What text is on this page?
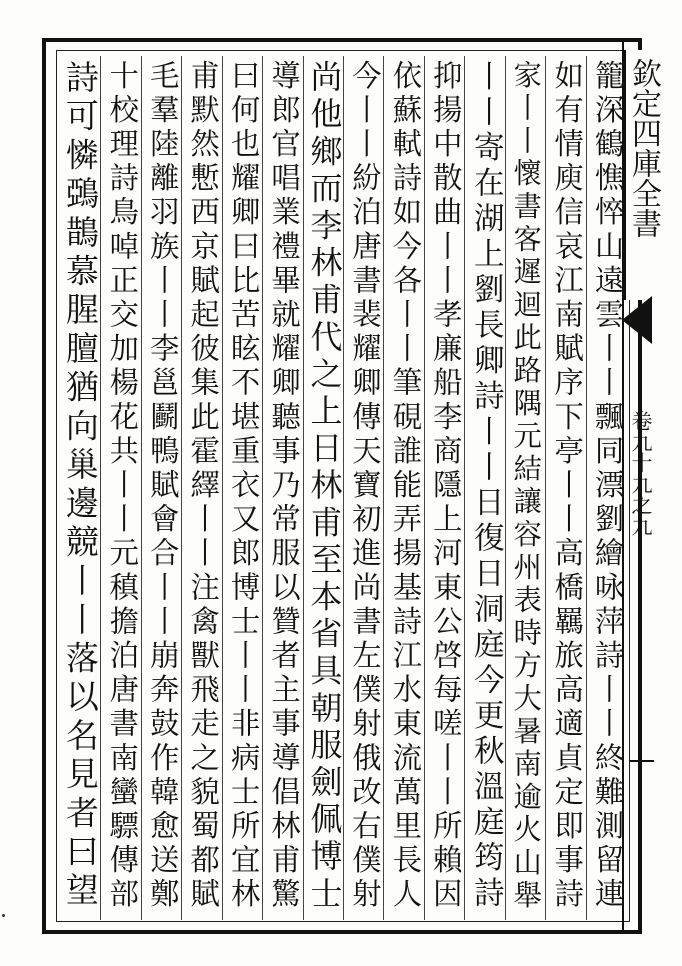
欽定四庫全書
卷九十九之九
籠深鶴憔悴山遠雲丨丨飄同漂劉繪咏萍詩丨丨終難測留連
如有情庾信哀江南賦序下亭丨丨高橋羈旅高適貞定即事詩
家丨丨懷書客遲迴此路隅元結讓容州表時方大暑南逾火山舉
丨丨寄在湖上劉長卿詩丨丨日復日洞庭今更秋溫庭筠詩
抑揚中散曲丨丨孝廉船李商隱上河東公啓每嗟丨丨所賴因
依蘇軾詩如今各丨丨筆硯誰能弄揚基詩江水東流萬里長人
今丨丨紛泊唐書裴耀卿傳天寶初進尚書左僕射俄改右僕射
尚他鄉而李林甫代之上日林甫至本省具朝服劍佩博士
導郎官唱業禮畢就耀卿聽事乃常服以贊者主事導倡林甫驚
曰何也耀卿曰比苦眩不堪重衣又郎博士丨丨非病士所宜林
甫默然慙西京賦起彼集此霍繹丨丨注禽獸飛走之貌蜀都賦
毛羣陸離羽族丨丨李邕鬬鴨賦會合丨丨崩奔鼓作韓愈送鄭
十校理詩鳥啅正交加楊花共丨丨元稹擔泊唐書南蠻驃傳部
詩可憐鵶鵲慕腥膻猶向巢邊競丨丨落以名見者曰望
